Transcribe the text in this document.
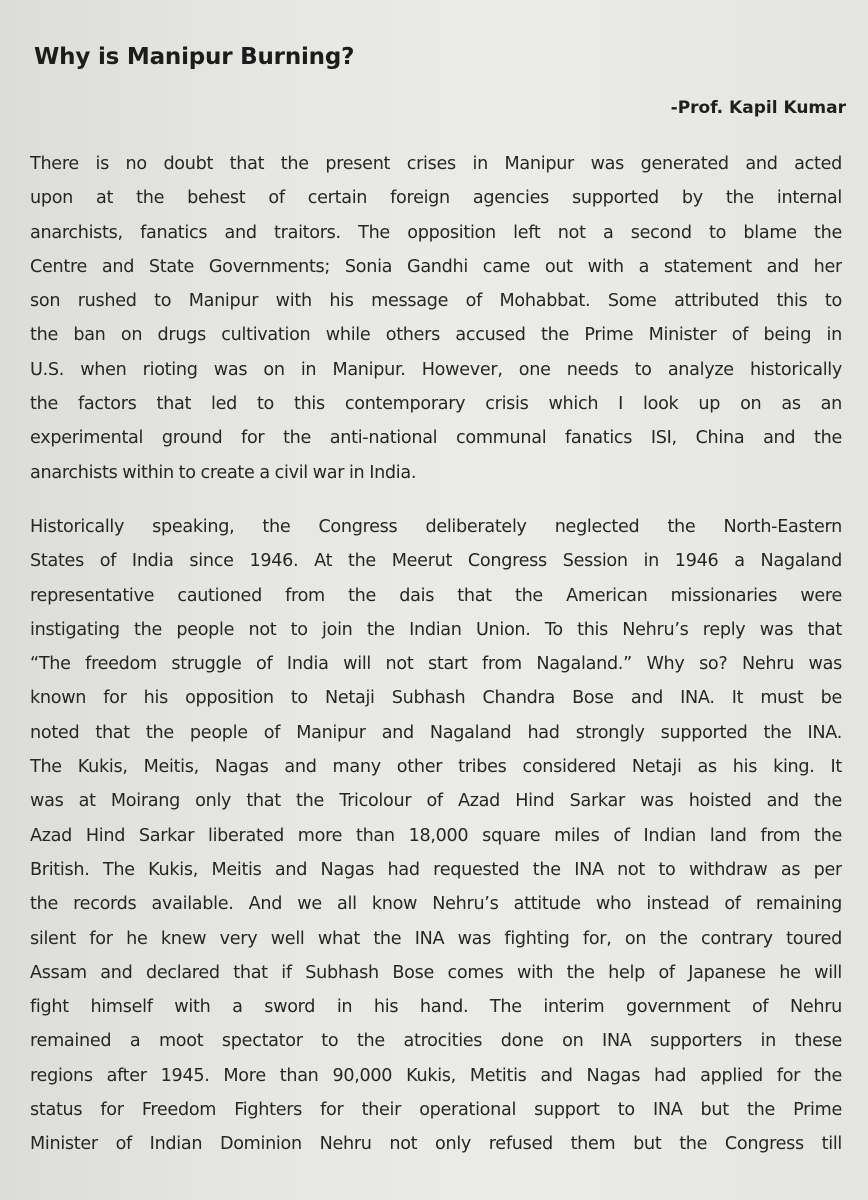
Why is Manipur Burning?
-Prof. Kapil Kumar
There is no doubt that the present crises in Manipur was generated and acted
upon at the behest of certain foreign agencies supported by the internal
anarchists, fanatics and traitors. The opposition left not a second to blame the
Centre and State Governments; Sonia Gandhi came out with a statement and her
son rushed to Manipur with his message of Mohabbat. Some attributed this to
the ban on drugs cultivation while others accused the Prime Minister of being in
U.S. when rioting was on in Manipur. However, one needs to analyze historically
the factors that led to this contemporary crisis which I look up on as an
experimental ground for the anti-national communal fanatics ISI, China and the
anarchists within to create a civil war in India.
Historically speaking, the Congress deliberately neglected the North-Eastern
States of India since 1946. At the Meerut Congress Session in 1946 a Nagaland
representative cautioned from the dais that the American missionaries were
instigating the people not to join the Indian Union. To this Nehru’s reply was that
“The freedom struggle of India will not start from Nagaland.” Why so? Nehru was
known for his opposition to Netaji Subhash Chandra Bose and INA. It must be
noted that the people of Manipur and Nagaland had strongly supported the INA.
The Kukis, Meitis, Nagas and many other tribes considered Netaji as his king. It
was at Moirang only that the Tricolour of Azad Hind Sarkar was hoisted and the
Azad Hind Sarkar liberated more than 18,000 square miles of Indian land from the
British. The Kukis, Meitis and Nagas had requested the INA not to withdraw as per
the records available. And we all know Nehru’s attitude who instead of remaining
silent for he knew very well what the INA was fighting for, on the contrary toured
Assam and declared that if Subhash Bose comes with the help of Japanese he will
fight himself with a sword in his hand. The interim government of Nehru
remained a moot spectator to the atrocities done on INA supporters in these
regions after 1945. More than 90,000 Kukis, Metitis and Nagas had applied for the
status for Freedom Fighters for their operational support to INA but the Prime
Minister of Indian Dominion Nehru not only refused them but the Congress till
